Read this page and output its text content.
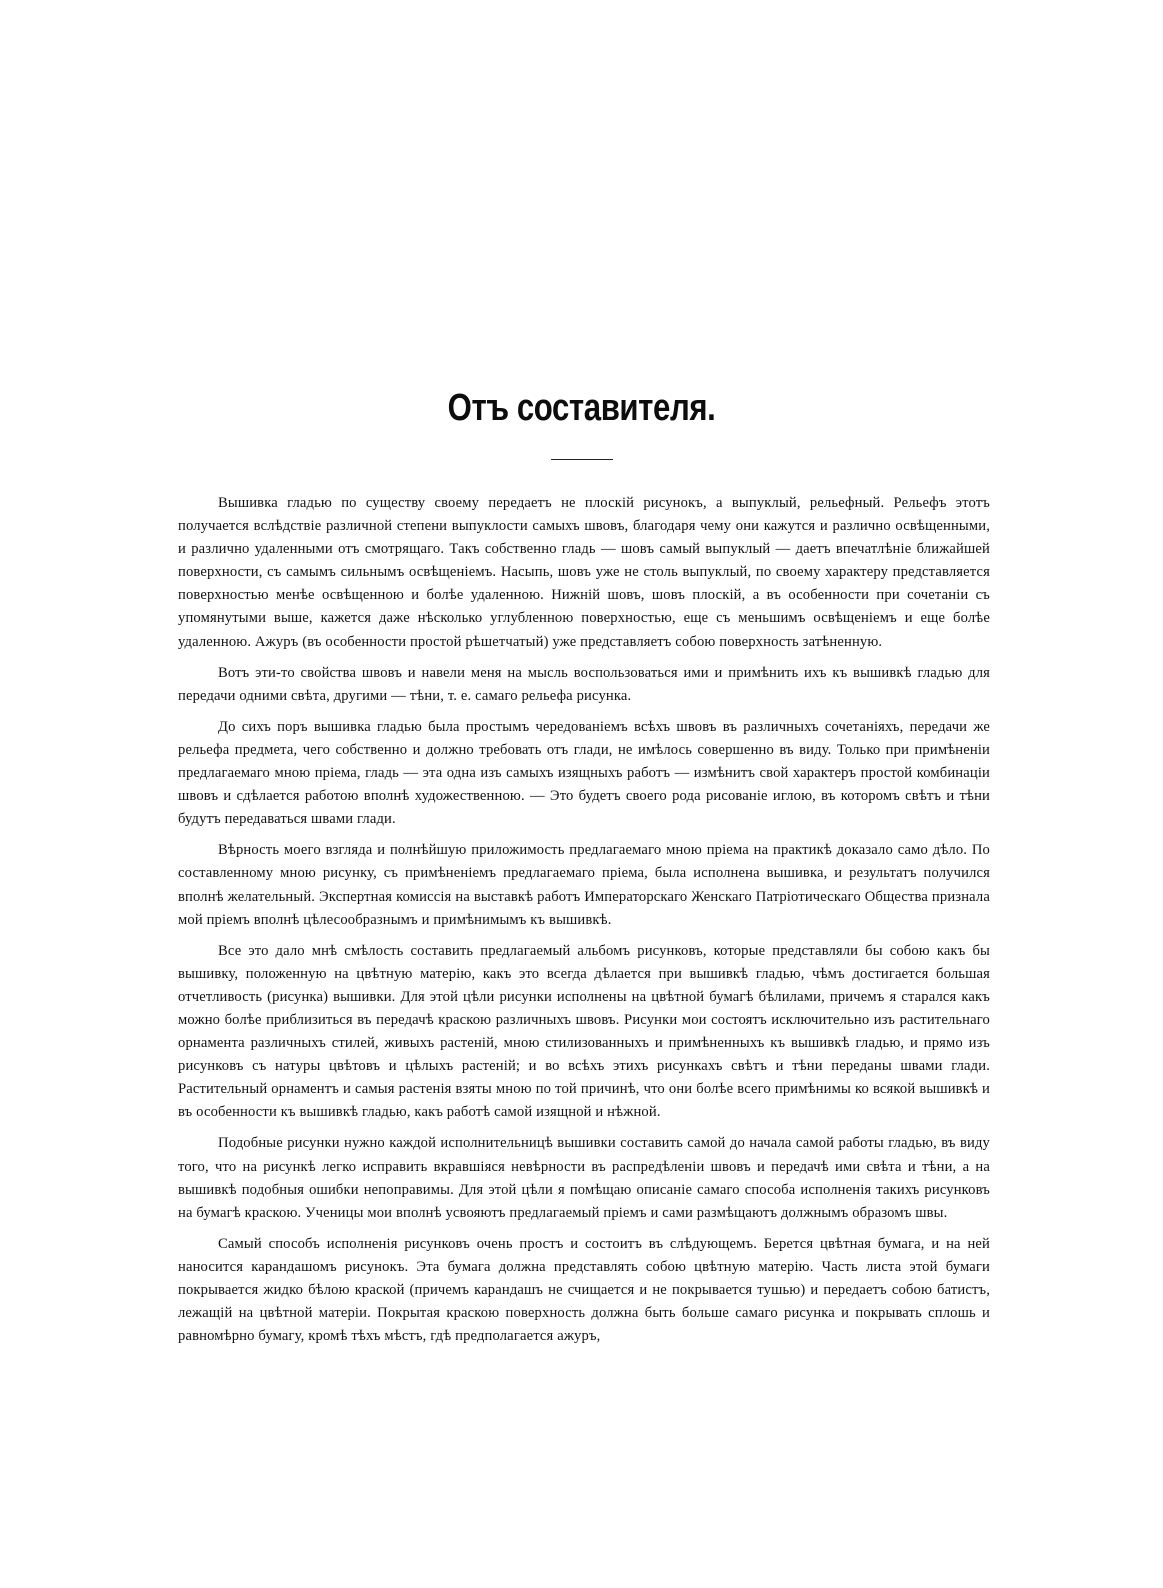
Отъ составителя.

Вышивка гладью по существу своему передаетъ не плоскій рисунокъ, а выпуклый, рельефный. Рельефъ этотъ получается вслѣдствіе различной степени выпуклости самыхъ швовъ, благодаря чему они кажутся и различно освѣщенными, и различно удаленными отъ смотрящаго. Такъ собственно гладь — шовъ самый выпуклый — даетъ впечатлѣніе ближайшей поверхности, съ самымъ сильнымъ освѣщеніемъ. Насыпь, шовъ уже не столь выпуклый, по своему характеру представляется поверхностью менѣе освѣщенною и болѣе удаленною. Нижній шовъ, шовъ плоскій, а въ особенности при сочетаніи съ упомянутыми выше, кажется даже нѣсколько углубленною поверхностью, еще съ меньшимъ освѣщеніемъ и еще болѣе удаленною. Ажуръ (въ особенности простой рѣшетчатый) уже представляетъ собою поверхность затѣненную.

Вотъ эти-то свойства швовъ и навели меня на мысль воспользоваться ими и примѣнить ихъ къ вышивкѣ гладью для передачи одними свѣта, другими — тѣни, т. е. самаго рельефа рисунка.

До сихъ поръ вышивка гладью была простымъ чередованіемъ всѣхъ швовъ въ различныхъ сочетаніяхъ, передачи же рельефа предмета, чего собственно и должно требовать отъ глади, не имѣлось совершенно въ виду. Только при примѣненіи предлагаемаго мною пріема, гладь — эта одна изъ самыхъ изящныхъ работъ — измѣнитъ свой характеръ простой комбинаціи швовъ и сдѣлается работою вполнѣ художественною. — Это будетъ своего рода рисованіе иглою, въ которомъ свѣтъ и тѣни будутъ передаваться швами глади.

Вѣрность моего взгляда и полнѣйшую приложимость предлагаемаго мною пріема на практикѣ доказало само дѣло. По составленному мною рисунку, съ примѣненіемъ предлагаемаго пріема, была исполнена вышивка, и результатъ получился вполнѣ желательный. Экспертная комиссія на выставкѣ работъ Императорскаго Женскаго Патріотическаго Общества признала мой пріемъ вполнѣ цѣлесообразнымъ и примѣнимымъ къ вышивкѣ.

Все это дало мнѣ смѣлость составить предлагаемый альбомъ рисунковъ, которые представляли бы собою какъ бы вышивку, положенную на цвѣтную матерію, какъ это всегда дѣлается при вышивкѣ гладью, чѣмъ достигается большая отчетливость (рисунка) вышивки. Для этой цѣли рисунки исполнены на цвѣтной бумагѣ бѣлилами, причемъ я старался какъ можно болѣе приблизиться въ передачѣ краскою различныхъ швовъ. Рисунки мои состоятъ исключительно изъ растительнаго орнамента различныхъ стилей, живыхъ растеній, мною стилизованныхъ и примѣненныхъ къ вышивкѣ гладью, и прямо изъ рисунковъ съ натуры цвѣтовъ и цѣлыхъ растеній; и во всѣхъ этихъ рисункахъ свѣтъ и тѣни переданы швами глади. Растительный орнаментъ и самыя растенія взяты мною по той причинѣ, что они болѣе всего примѣнимы ко всякой вышивкѣ и въ особенности къ вышивкѣ гладью, какъ работѣ самой изящной и нѣжной.

Подобные рисунки нужно каждой исполнительницѣ вышивки составить самой до начала самой работы гладью, въ виду того, что на рисункѣ легко исправить вкравшіяся невѣрности въ распредѣленіи швовъ и передачѣ ими свѣта и тѣни, а на вышивкѣ подобныя ошибки непоправимы. Для этой цѣли я помѣщаю описаніе самаго способа исполненія такихъ рисунковъ на бумагѣ краскою. Ученицы мои вполнѣ усвояютъ предлагаемый пріемъ и сами размѣщаютъ должнымъ образомъ швы.

Самый способъ исполненія рисунковъ очень простъ и состоитъ въ слѣдующемъ. Берется цвѣтная бумага, и на ней наносится карандашомъ рисунокъ. Эта бумага должна представлять собою цвѣтную матерію. Часть листа этой бумаги покрывается жидко бѣлою краской (причемъ карандашъ не счищается и не покрывается тушью) и передаетъ собою батистъ, лежащій на цвѣтной матеріи. Покрытая краскою поверхность должна быть больше самаго рисунка и покрывать сплошь и равномѣрно бумагу, кромѣ тѣхъ мѣстъ, гдѣ предполагается ажуръ,
